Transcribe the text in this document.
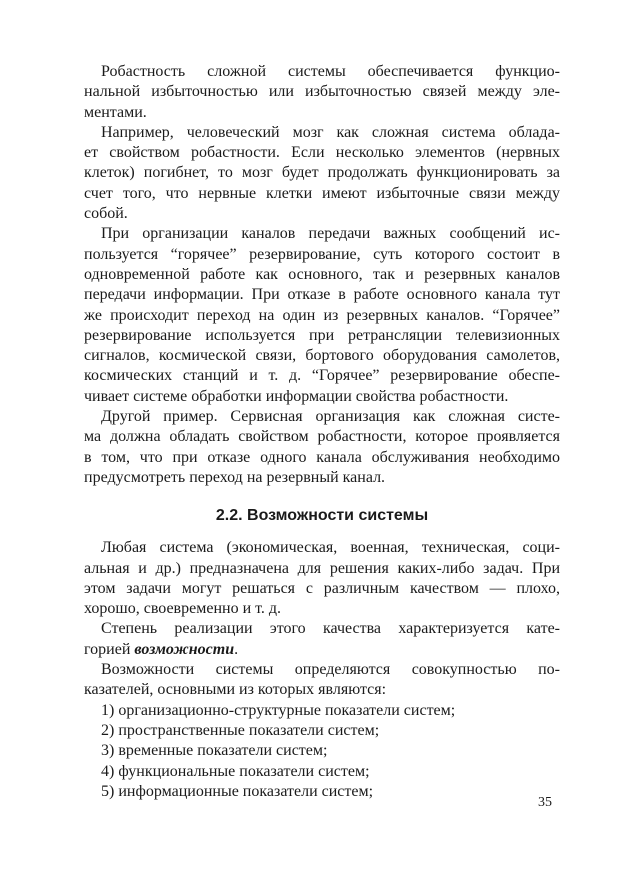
Робастность сложной системы обеспечивается функцио-
нальной избыточностью или избыточностью связей между эле-
ментами.
Например, человеческий мозг как сложная система облада-
ет свойством робастности. Если несколько элементов (нервных
клеток) погибнет, то мозг будет продолжать функционировать за
счет того, что нервные клетки имеют избыточные связи между
собой.
При организации каналов передачи важных сообщений ис-
пользуется “горячее” резервирование, суть которого состоит в
одновременной работе как основного, так и резервных каналов
передачи информации. При отказе в работе основного канала тут
же происходит переход на один из резервных каналов. “Горячее”
резервирование используется при ретрансляции телевизионных
сигналов, космической связи, бортового оборудования самолетов,
космических станций и т. д. “Горячее” резервирование обеспе-
чивает системе обработки информации свойства робастности.
Другой пример. Сервисная организация как сложная систе-
ма должна обладать свойством робастности, которое проявляется
в том, что при отказе одного канала обслуживания необходимо
предусмотреть переход на резервный канал.
2.2. Возможности системы
Любая система (экономическая, военная, техническая, соци-
альная и др.) предназначена для решения каких-либо задач. При
этом задачи могут решаться с различным качеством — плохо,
хорошо, своевременно и т. д.
Степень реализации этого качества характеризуется кате-
горией возможности.
Возможности системы определяются совокупностью по-
казателей, основными из которых являются:
1) организационно-структурные показатели систем;
2) пространственные показатели систем;
3) временные показатели систем;
4) функциональные показатели систем;
5) информационные показатели систем;
35
